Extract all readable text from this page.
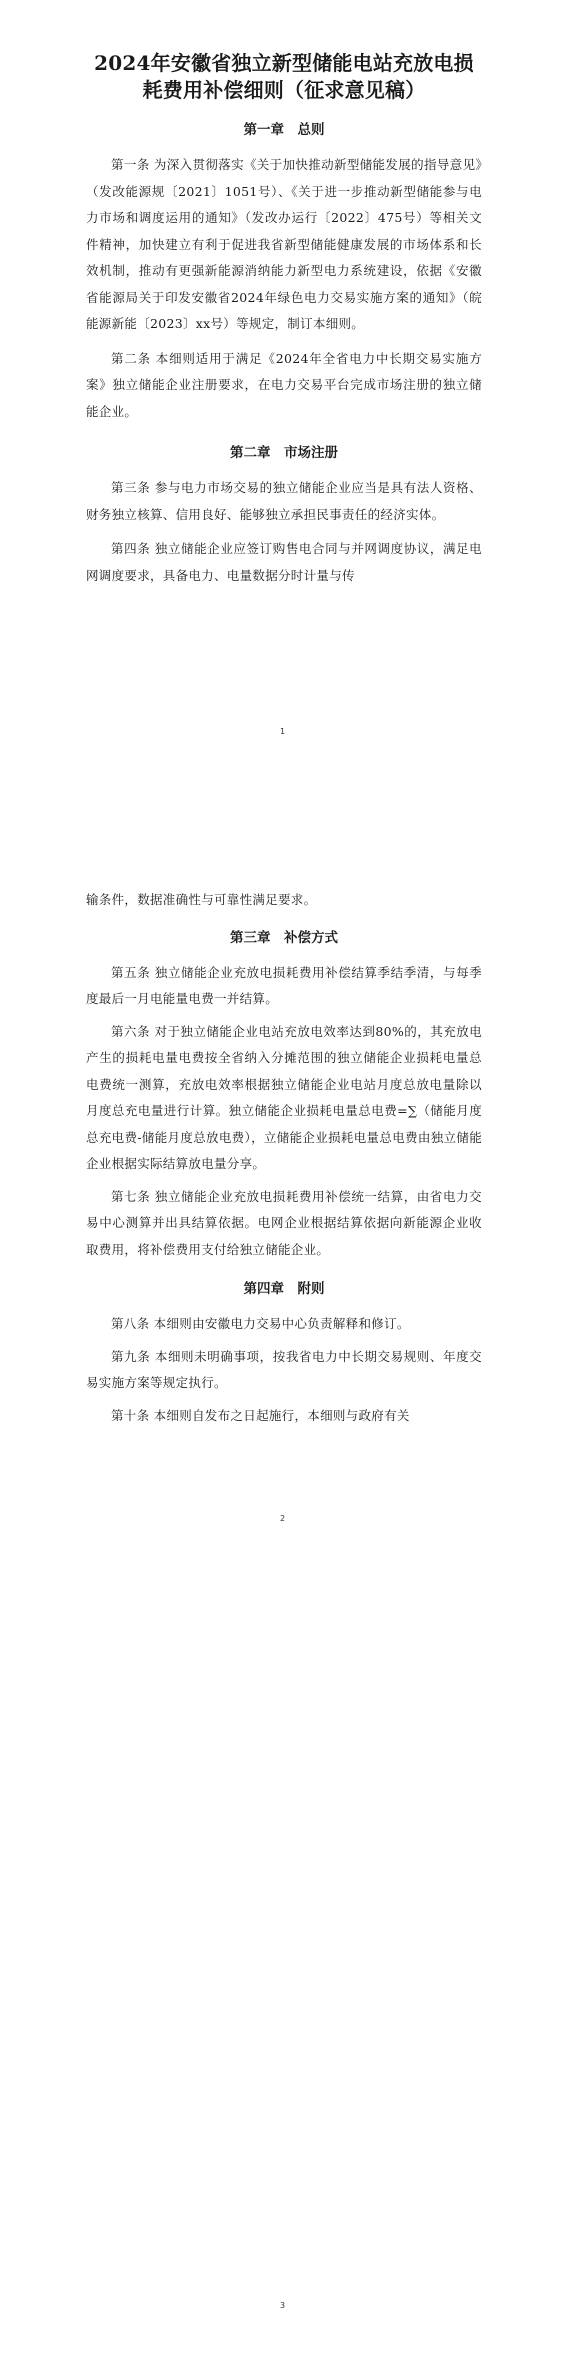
2024年安徽省独立新型储能电站充放电损

耗费用补偿细则（征求意见稿）

第一章　总则

第一条 为深入贯彻落实《关于加快推动新型储能发展的指导意见》（发改能源规〔2021〕1051号）、《关于进一步推动新型储能参与电力市场和调度运用的通知》（发改办运行〔2022〕475号）等相关文件精神，加快建立有利于促进我省新型储能健康发展的市场体系和长效机制，推动有更强新能源消纳能力新型电力系统建设，依据《安徽省能源局关于印发安徽省2024年绿色电力交易实施方案的通知》（皖能源新能〔2023〕xx号）等规定，制订本细则。

第二条 本细则适用于满足《2024年全省电力中长期交易实施方案》独立储能企业注册要求，在电力交易平台完成市场注册的独立储能企业。

第二章　市场注册

第三条 参与电力市场交易的独立储能企业应当是具有法人资格、财务独立核算、信用良好、能够独立承担民事责任的经济实体。

第四条 独立储能企业应签订购售电合同与并网调度协议，满足电网调度要求，具备电力、电量数据分时计量与传

1

输条件，数据准确性与可靠性满足要求。

第三章　补偿方式

第五条 独立储能企业充放电损耗费用补偿结算季结季清，与每季度最后一月电能量电费一并结算。

第六条 对于独立储能企业电站充放电效率达到80%的，其充放电产生的损耗电量电费按全省纳入分摊范围的独立储能企业损耗电量总电费统一测算，充放电效率根据独立储能企业电站月度总放电量除以月度总充电量进行计算。独立储能企业损耗电量总电费=∑（储能月度总充电费-储能月度总放电费），立储能企业损耗电量总电费由独立储能企业根据实际结算放电量分享。

第七条 独立储能企业充放电损耗费用补偿统一结算，由省电力交易中心测算并出具结算依据。电网企业根据结算依据向新能源企业收取费用，将补偿费用支付给独立储能企业。

第四章　附则

第八条 本细则由安徽电力交易中心负责解释和修订。

第九条 本细则未明确事项，按我省电力中长期交易规则、年度交易实施方案等规定执行。

第十条 本细则自发布之日起施行，本细则与政府有关

2
3
